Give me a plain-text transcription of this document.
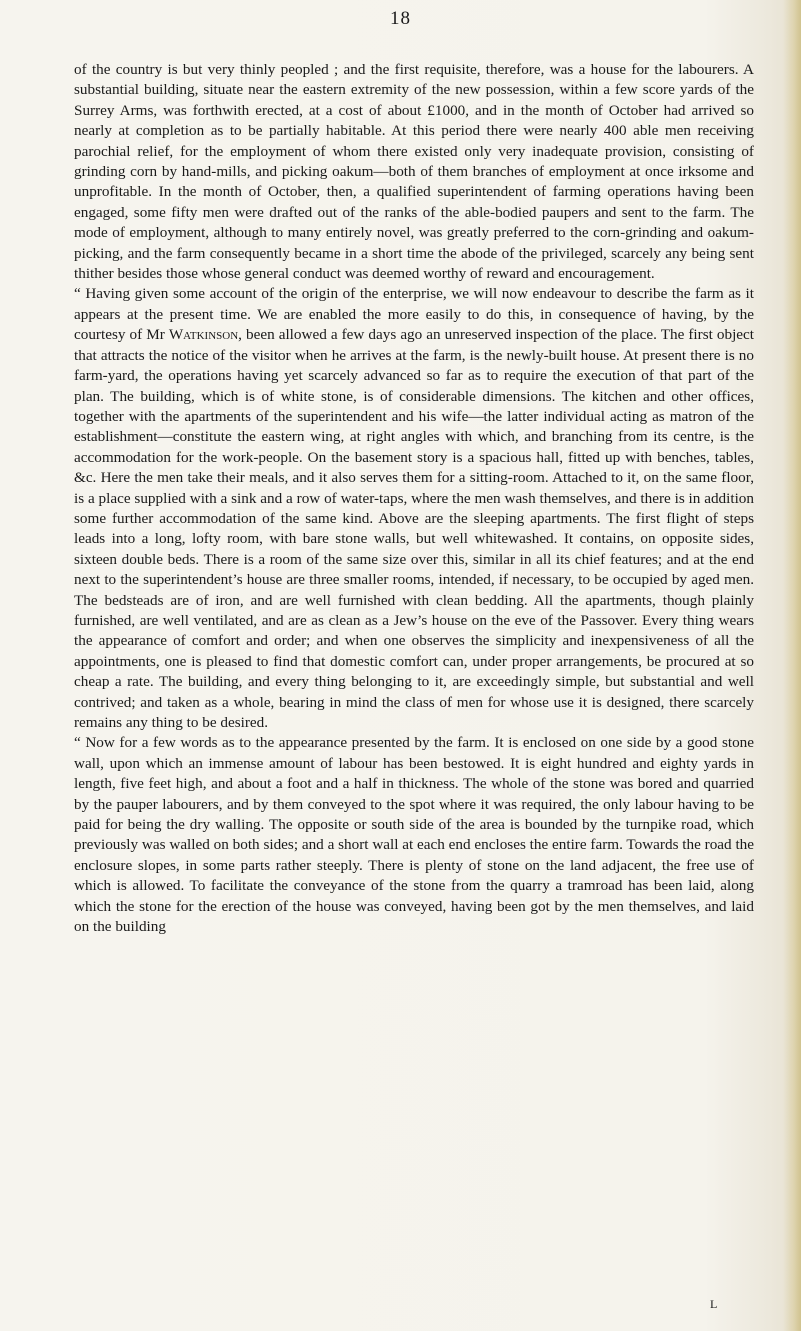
18

of the country is but very thinly peopled ; and the first requisite, therefore, was a house for the labourers. A substantial building, situate near the eastern extremity of the new possession, within a few score yards of the Surrey Arms, was forthwith erected, at a cost of about £1000, and in the month of October had arrived so nearly at completion as to be partially habitable. At this period there were nearly 400 able men receiving parochial relief, for the employment of whom there existed only very inadequate provision, consisting of grinding corn by hand-mills, and picking oakum—both of them branches of employment at once irksome and unprofitable. In the month of October, then, a qualified superintendent of farming operations having been engaged, some fifty men were drafted out of the ranks of the able-bodied paupers and sent to the farm. The mode of employment, although to many entirely novel, was greatly preferred to the corn-grinding and oakum-picking, and the farm consequently became in a short time the abode of the privileged, scarcely any being sent thither besides those whose general conduct was deemed worthy of reward and encouragement.

“ Having given some account of the origin of the enterprise, we will now endeavour to describe the farm as it appears at the present time. We are enabled the more easily to do this, in consequence of having, by the courtesy of Mr Watkinson, been allowed a few days ago an unreserved inspection of the place. The first object that attracts the notice of the visitor when he arrives at the farm, is the newly-built house. At present there is no farm-yard, the operations having yet scarcely advanced so far as to require the execution of that part of the plan. The building, which is of white stone, is of considerable dimensions. The kitchen and other offices, together with the apartments of the superintendent and his wife—the latter individual acting as matron of the establishment—constitute the eastern wing, at right angles with which, and branching from its centre, is the accommodation for the work-people. On the basement story is a spacious hall, fitted up with benches, tables, &c. Here the men take their meals, and it also serves them for a sitting-room. Attached to it, on the same floor, is a place supplied with a sink and a row of water-taps, where the men wash themselves, and there is in addition some further accommodation of the same kind. Above are the sleeping apartments. The first flight of steps leads into a long, lofty room, with bare stone walls, but well whitewashed. It contains, on opposite sides, sixteen double beds. There is a room of the same size over this, similar in all its chief features; and at the end next to the superintendent’s house are three smaller rooms, intended, if necessary, to be occupied by aged men. The bedsteads are of iron, and are well furnished with clean bedding. All the apartments, though plainly furnished, are well ventilated, and are as clean as a Jew’s house on the eve of the Passover. Every thing wears the appearance of comfort and order; and when one observes the simplicity and inexpensiveness of all the appointments, one is pleased to find that domestic comfort can, under proper arrangements, be procured at so cheap a rate. The building, and every thing belonging to it, are exceedingly simple, but substantial and well contrived; and taken as a whole, bearing in mind the class of men for whose use it is designed, there scarcely remains any thing to be desired.

“ Now for a few words as to the appearance presented by the farm. It is enclosed on one side by a good stone wall, upon which an immense amount of labour has been bestowed. It is eight hundred and eighty yards in length, five feet high, and about a foot and a half in thickness. The whole of the stone was bored and quarried by the pauper labourers, and by them conveyed to the spot where it was required, the only labour having to be paid for being the dry walling. The opposite or south side of the area is bounded by the turnpike road, which previously was walled on both sides; and a short wall at each end encloses the entire farm. Towards the road the enclosure slopes, in some parts rather steeply. There is plenty of stone on the land adjacent, the free use of which is allowed. To facilitate the conveyance of the stone from the quarry a tramroad has been laid, along which the stone for the erection of the house was conveyed, having been got by the men themselves, and laid on the building

L
